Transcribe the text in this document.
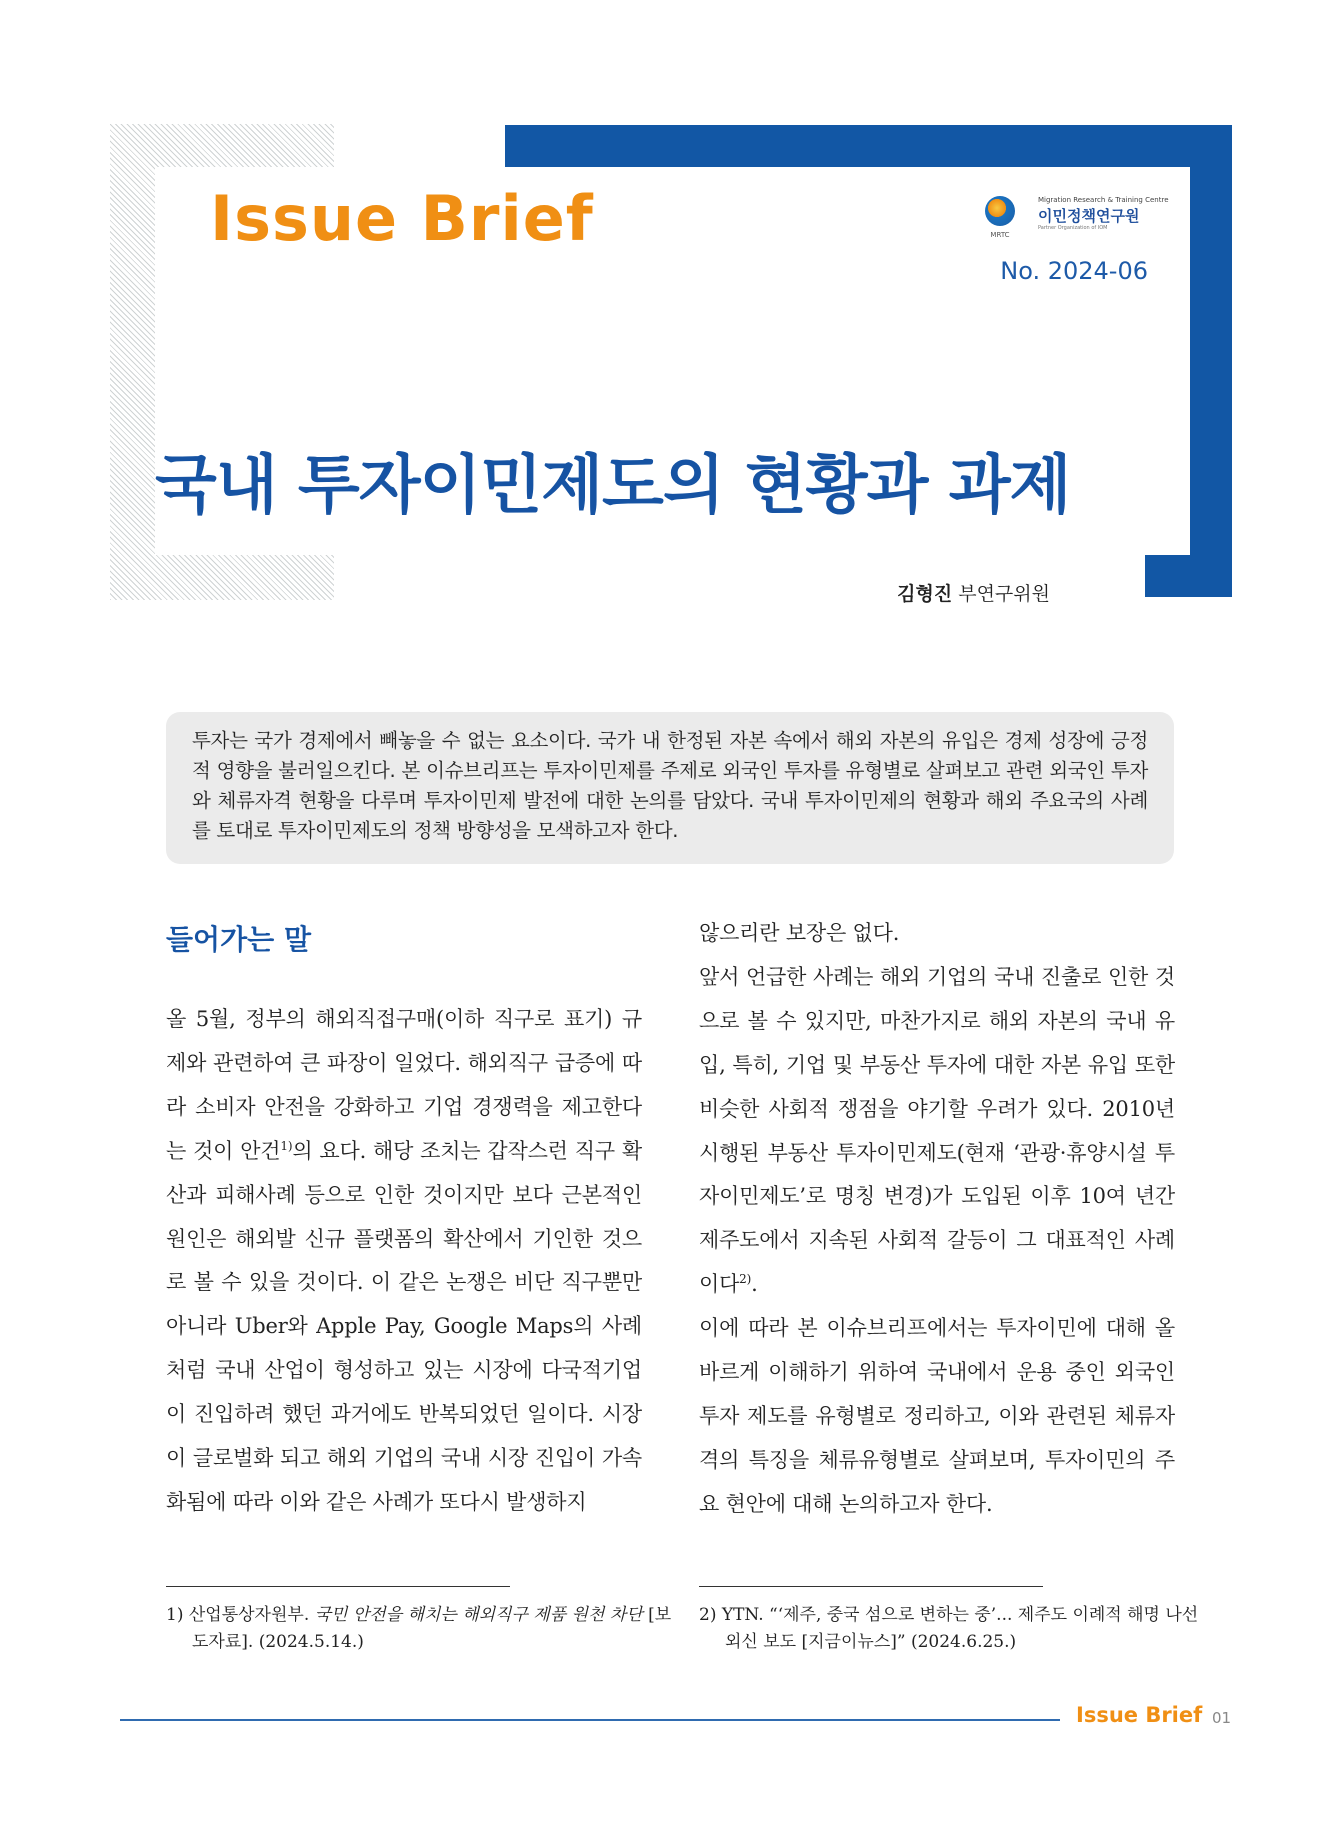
Issue Brief	MRTC
Migration Research & Training Centre
이민정책연구원
Partner Organization of IOM
No. 2024-06
국내 투자이민제도의 현황과 과제
김형진 부연구위원
투자는 국가 경제에서 빼놓을 수 없는 요소이다. 국가 내 한정된 자본 속에서 해외 자본의 유입은 경제 성장에 긍정적 영향을 불러일으킨다. 본 이슈브리프는 투자이민제를 주제로 외국인 투자를 유형별로 살펴보고 관련 외국인 투자와 체류자격 현황을 다루며 투자이민제 발전에 대한 논의를 담았다. 국내 투자이민제의 현황과 해외 주요국의 사례를 토대로 투자이민제도의 정책 방향성을 모색하고자 한다.
들어가는 말

올 5월, 정부의 해외직접구매(이하 직구로 표기) 규제와 관련하여 큰 파장이 일었다. 해외직구 급증에 따라 소비자 안전을 강화하고 기업 경쟁력을 제고한다는 것이 안건$^{1)}$의 요다. 해당 조치는 갑작스런 직구 확산과 피해사례 등으로 인한 것이지만 보다 근본적인 원인은 해외발 신규 플랫폼의 확산에서 기인한 것으로 볼 수 있을 것이다. 이 같은 논쟁은 비단 직구뿐만 아니라 Uber와 Apple Pay, Google Maps의 사례처럼 국내 산업이 형성하고 있는 시장에 다국적기업이 진입하려 했던 과거에도 반복되었던 일이다. 시장이 글로벌화 되고 해외 기업의 국내 시장 진입이 가속화됨에 따라 이와 같은 사례가 또다시 발생하지

않으리란 보장은 없다.

앞서 언급한 사례는 해외 기업의 국내 진출로 인한 것으로 볼 수 있지만, 마찬가지로 해외 자본의 국내 유입, 특히, 기업 및 부동산 투자에 대한 자본 유입 또한 비슷한 사회적 쟁점을 야기할 우려가 있다. 2010년 시행된 부동산 투자이민제도(현재 ‘관광·휴양시설 투자이민제도’로 명칭 변경)가 도입된 이후 10여 년간 제주도에서 지속된 사회적 갈등이 그 대표적인 사례이다$^{2)}$.

이에 따라 본 이슈브리프에서는 투자이민에 대해 올바르게 이해하기 위하여 국내에서 운용 중인 외국인 투자 제도를 유형별로 정리하고, 이와 관련된 체류자격의 특징을 체류유형별로 살펴보며, 투자이민의 주요 현안에 대해 논의하고자 한다.

1) 산업통상자원부. 국민 안전을 해치는 해외직구 제품 원천 차단 [보도자료]. (2024.5.14.)
2) YTN. “‘제주, 중국 섬으로 변하는 중’... 제주도 이례적 해명 나선 외신 보도 [지금이뉴스]” (2024.6.25.)
Issue Brief 01
